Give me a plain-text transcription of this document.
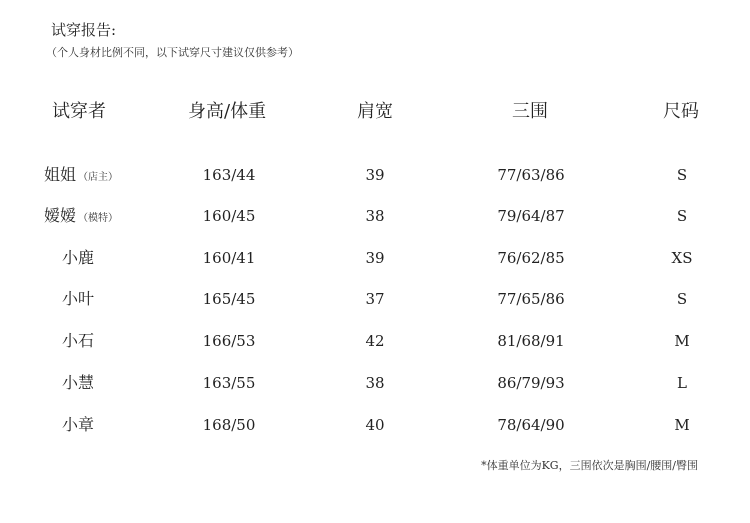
试穿报告:
（个人身材比例不同，以下试穿尺寸建议仅供参考）
试穿者	身高/体重	肩宽	三围	尺码
姐姐 （店主）	163/44	39	77/63/86	S
嫒嫒 （模特）	160/45	38	79/64/87	S
小鹿	160/41	39	76/62/85	XS
小叶	165/45	37	77/65/86	S
小石	166/53	42	81/68/91	M
小慧	163/55	38	86/79/93	L
小章	168/50	40	78/64/90	M
*体重单位为KG，三围依次是胸围/腰围/臀围
